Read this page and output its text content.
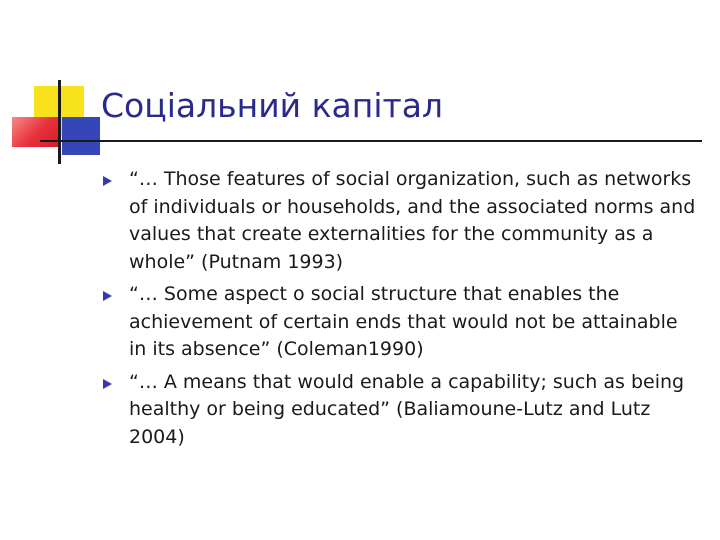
Соціальний капітал
“… Those features of social organization, such as networks of individuals or households, and the associated norms and values that create externalities for the community as a whole” (Putnam 1993)
“… Some aspect o social structure that enables the achievement of certain ends that would not be attainable in its absence” (Coleman1990)
“… A means that would enable a capability; such as being healthy or being educated” (Baliamoune-Lutz and Lutz 2004)
